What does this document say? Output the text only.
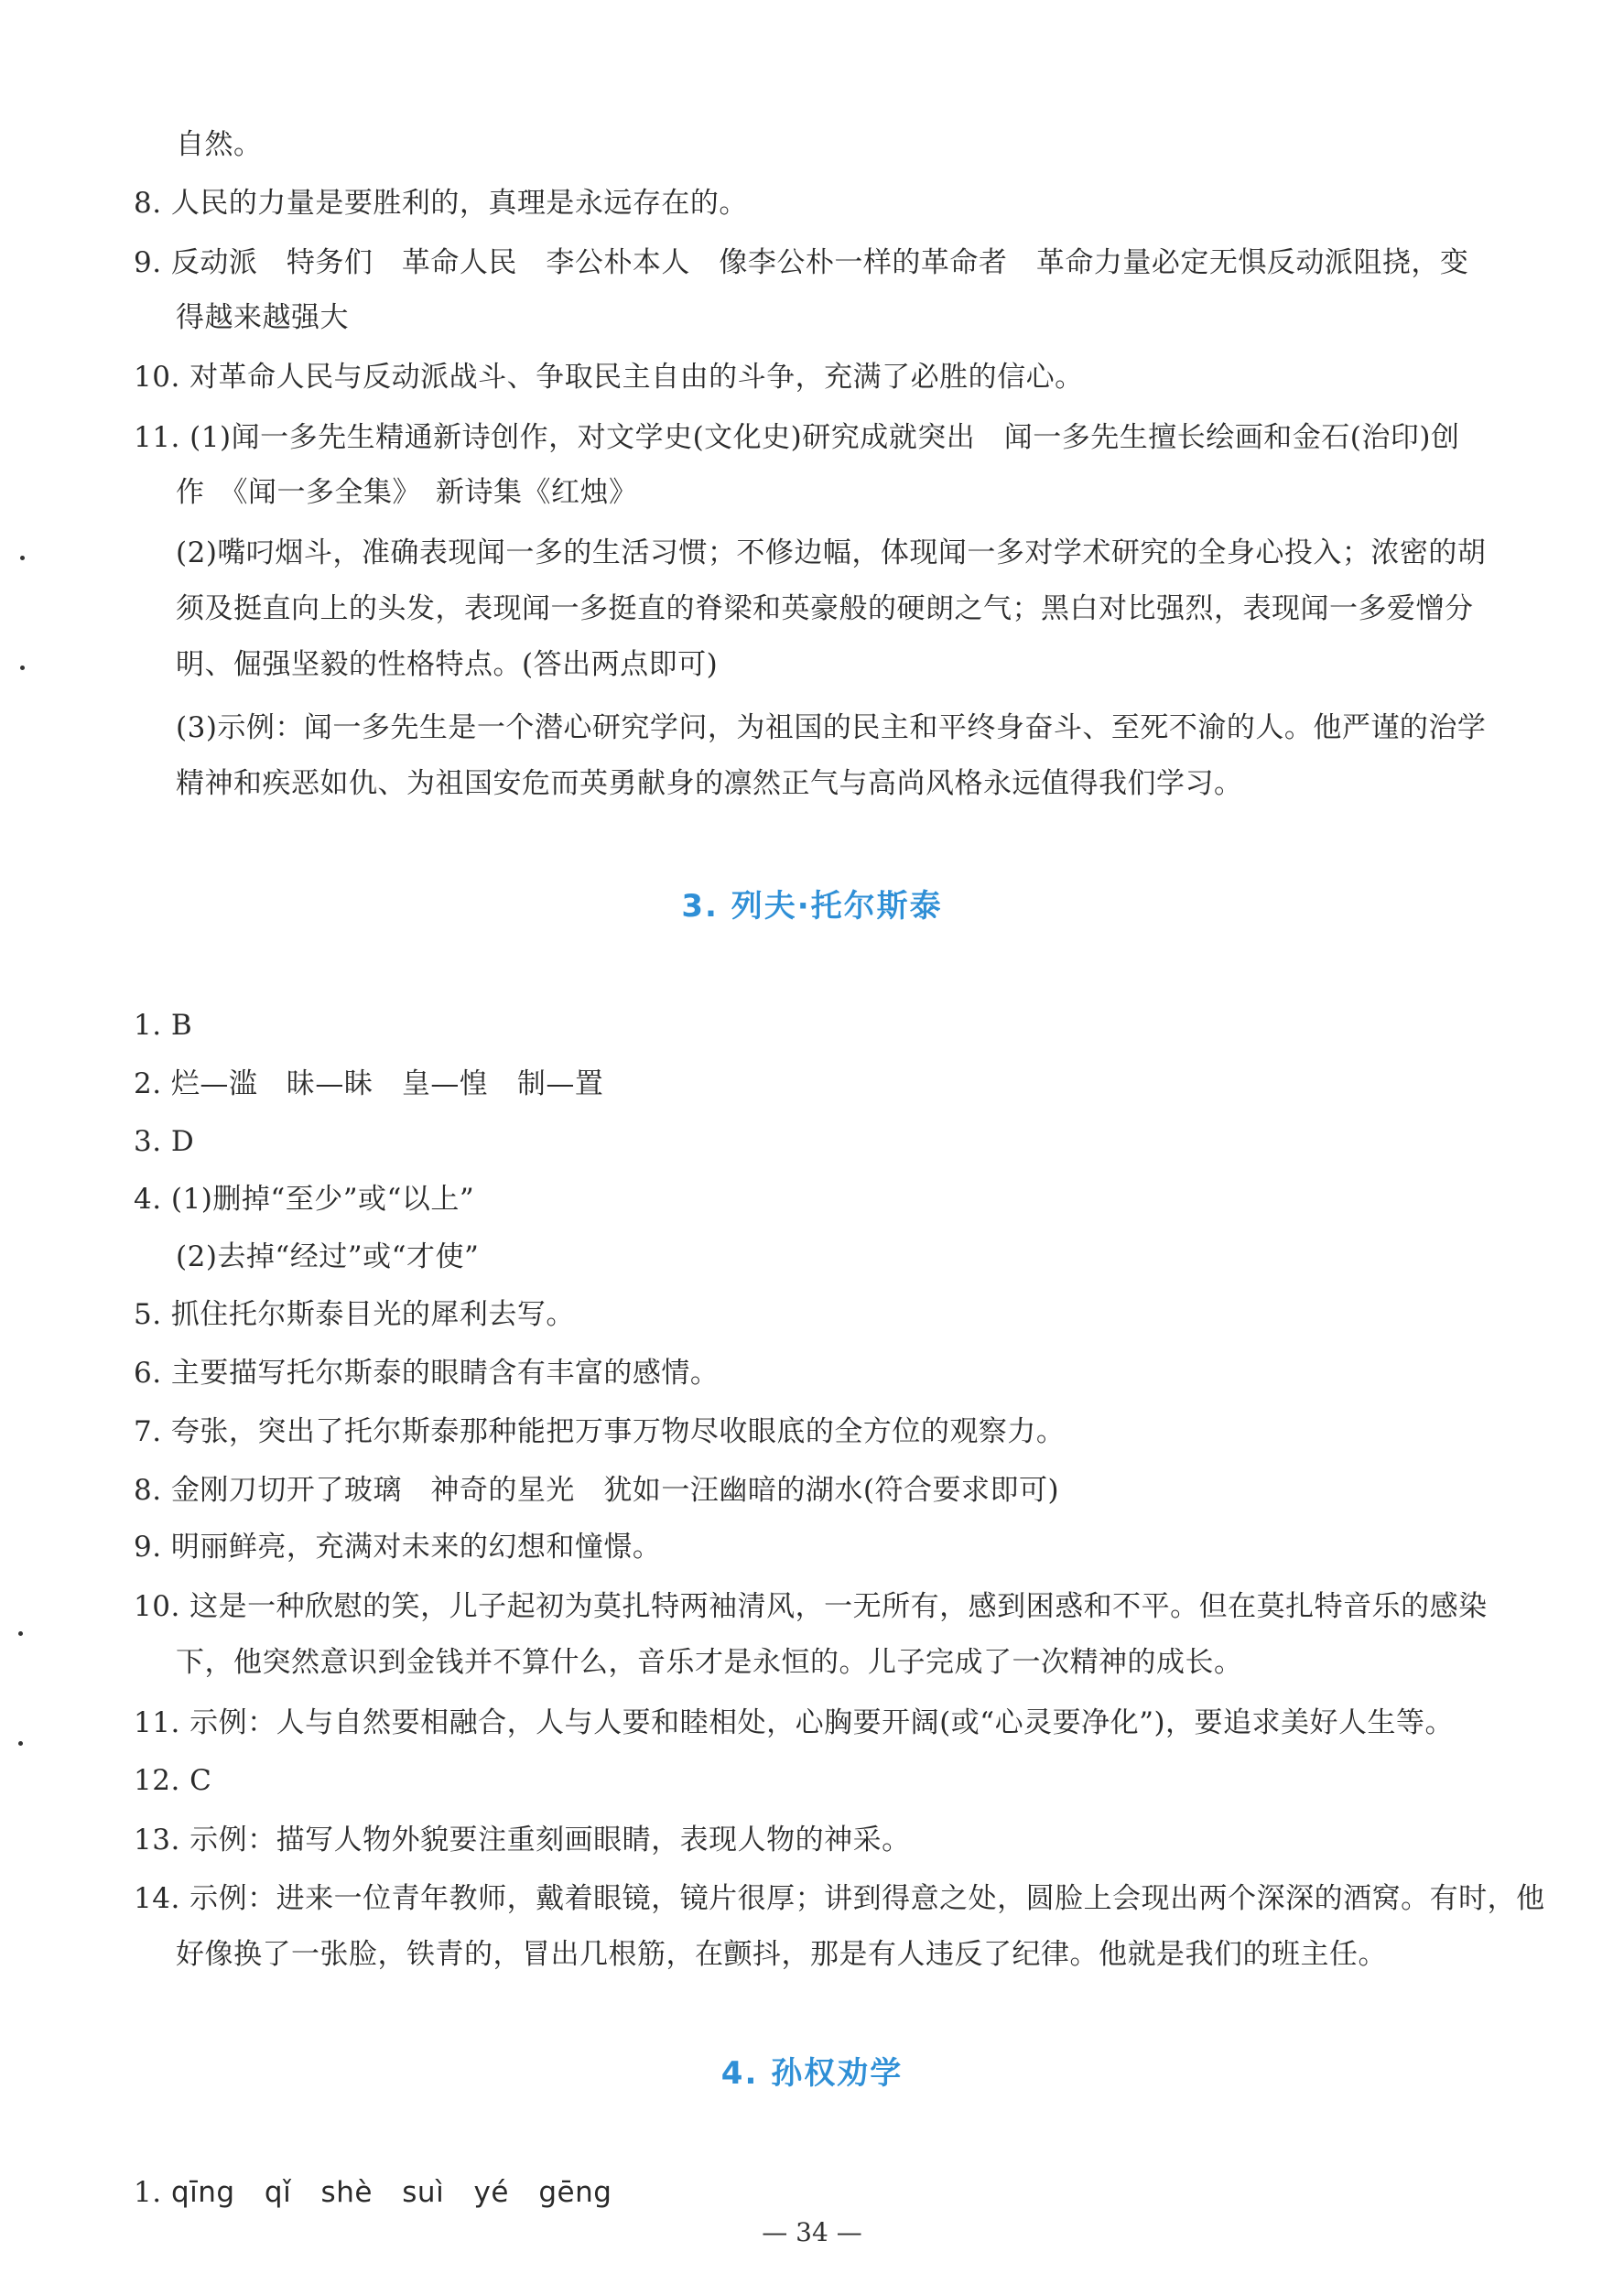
自然。
8. 人民的力量是要胜利的，真理是永远存在的。
9. 反动派　特务们　革命人民　李公朴本人　像李公朴一样的革命者　革命力量必定无惧反动派阻挠，变
得越来越强大
10. 对革命人民与反动派战斗、争取民主自由的斗争，充满了必胜的信心。
11. (1)闻一多先生精通新诗创作，对文学史(文化史)研究成就突出　闻一多先生擅长绘画和金石(治印)创
作　《闻一多全集》　新诗集《红烛》
(2)嘴叼烟斗，准确表现闻一多的生活习惯；不修边幅，体现闻一多对学术研究的全身心投入；浓密的胡
须及挺直向上的头发，表现闻一多挺直的脊梁和英豪般的硬朗之气；黑白对比强烈，表现闻一多爱憎分
明、倔强坚毅的性格特点。(答出两点即可)
(3)示例：闻一多先生是一个潜心研究学问，为祖国的民主和平终身奋斗、至死不渝的人。他严谨的治学
精神和疾恶如仇、为祖国安危而英勇献身的凛然正气与高尚风格永远值得我们学习。
3. 列夫·托尔斯泰
1. B
2. 烂—滥　昧—眛　皇—惶　制—置
3. D
4. (1)删掉“至少”或“以上”
(2)去掉“经过”或“才使”
5. 抓住托尔斯泰目光的犀利去写。
6. 主要描写托尔斯泰的眼睛含有丰富的感情。
7. 夸张，突出了托尔斯泰那种能把万事万物尽收眼底的全方位的观察力。
8. 金刚刀切开了玻璃　神奇的星光　犹如一汪幽暗的湖水(符合要求即可)
9. 明丽鲜亮，充满对未来的幻想和憧憬。
10. 这是一种欣慰的笑，儿子起初为莫扎特两袖清风，一无所有，感到困惑和不平。但在莫扎特音乐的感染
下，他突然意识到金钱并不算什么，音乐才是永恒的。儿子完成了一次精神的成长。
11. 示例：人与自然要相融合，人与人要和睦相处，心胸要开阔(或“心灵要净化”)，要追求美好人生等。
12. C
13. 示例：描写人物外貌要注重刻画眼睛，表现人物的神采。
14. 示例：进来一位青年教师，戴着眼镜，镜片很厚；讲到得意之处，圆脸上会现出两个深深的酒窝。有时，他
好像换了一张脸，铁青的，冒出几根筋，在颤抖，那是有人违反了纪律。他就是我们的班主任。
4. 孙权劝学
1. qīng qǐ shè suì yé gēng
— 34 —
